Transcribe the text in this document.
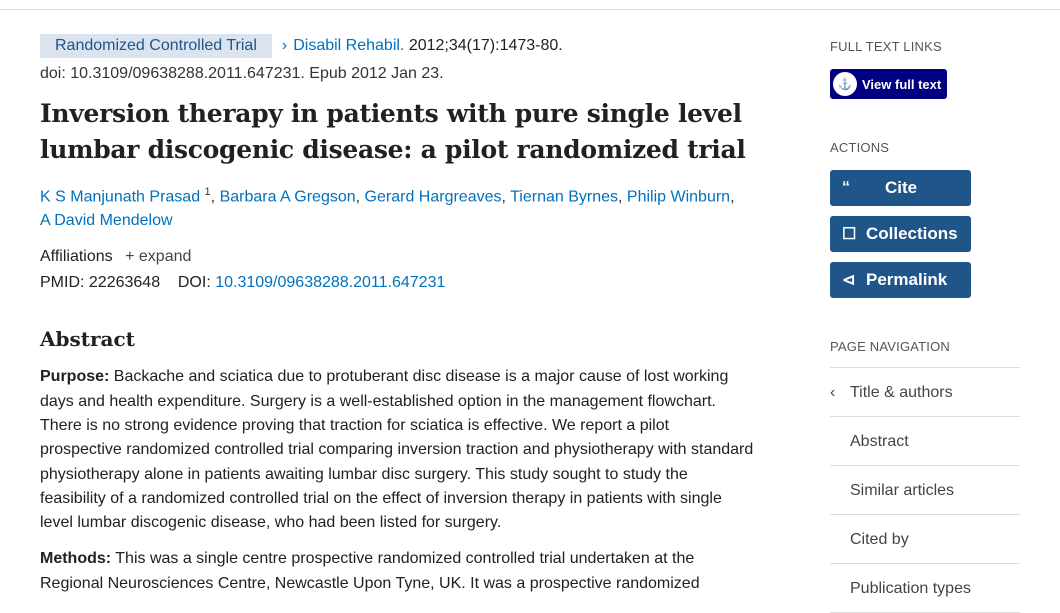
Randomized Controlled Trial	› Disabil Rehabil.
2012;34(17):1473-80.
doi: 10.3109/09638288.2011.647231. Epub 2012 Jan 23.
Inversion therapy in patients with pure single level lumbar discogenic disease: a pilot randomized trial
K S Manjunath Prasad $^1$, Barbara A Gregson, Gerard Hargreaves, Tiernan Byrnes, Philip Winburn,
A David Mendelow
Affiliations + expand
PMID: 22263648 DOI: 10.3109/09638288.2011.647231
Abstract

Purpose: Backache and sciatica due to protuberant disc disease is a major cause of lost working days and health expenditure. Surgery is a well-established option in the management flowchart. There is no strong evidence proving that traction for sciatica is effective. We report a pilot prospective randomized controlled trial comparing inversion traction and physiotherapy with standard physiotherapy alone in patients awaiting lumbar disc surgery. This study sought to study the feasibility of a randomized controlled trial on the effect of inversion therapy in patients with single level lumbar discogenic disease, who had been listed for surgery.

Methods: This was a single centre prospective randomized controlled trial undertaken at the Regional Neurosciences Centre, Newcastle Upon Tyne, UK. It was a prospective randomized

FULL TEXT LINKS
⚓ View full text
ACTIONS
“	Cite
☐ Collections
⊲ Permalink
PAGE NAVIGATION
‹ Title & authors
Abstract
Similar articles
Cited by
Publication types
